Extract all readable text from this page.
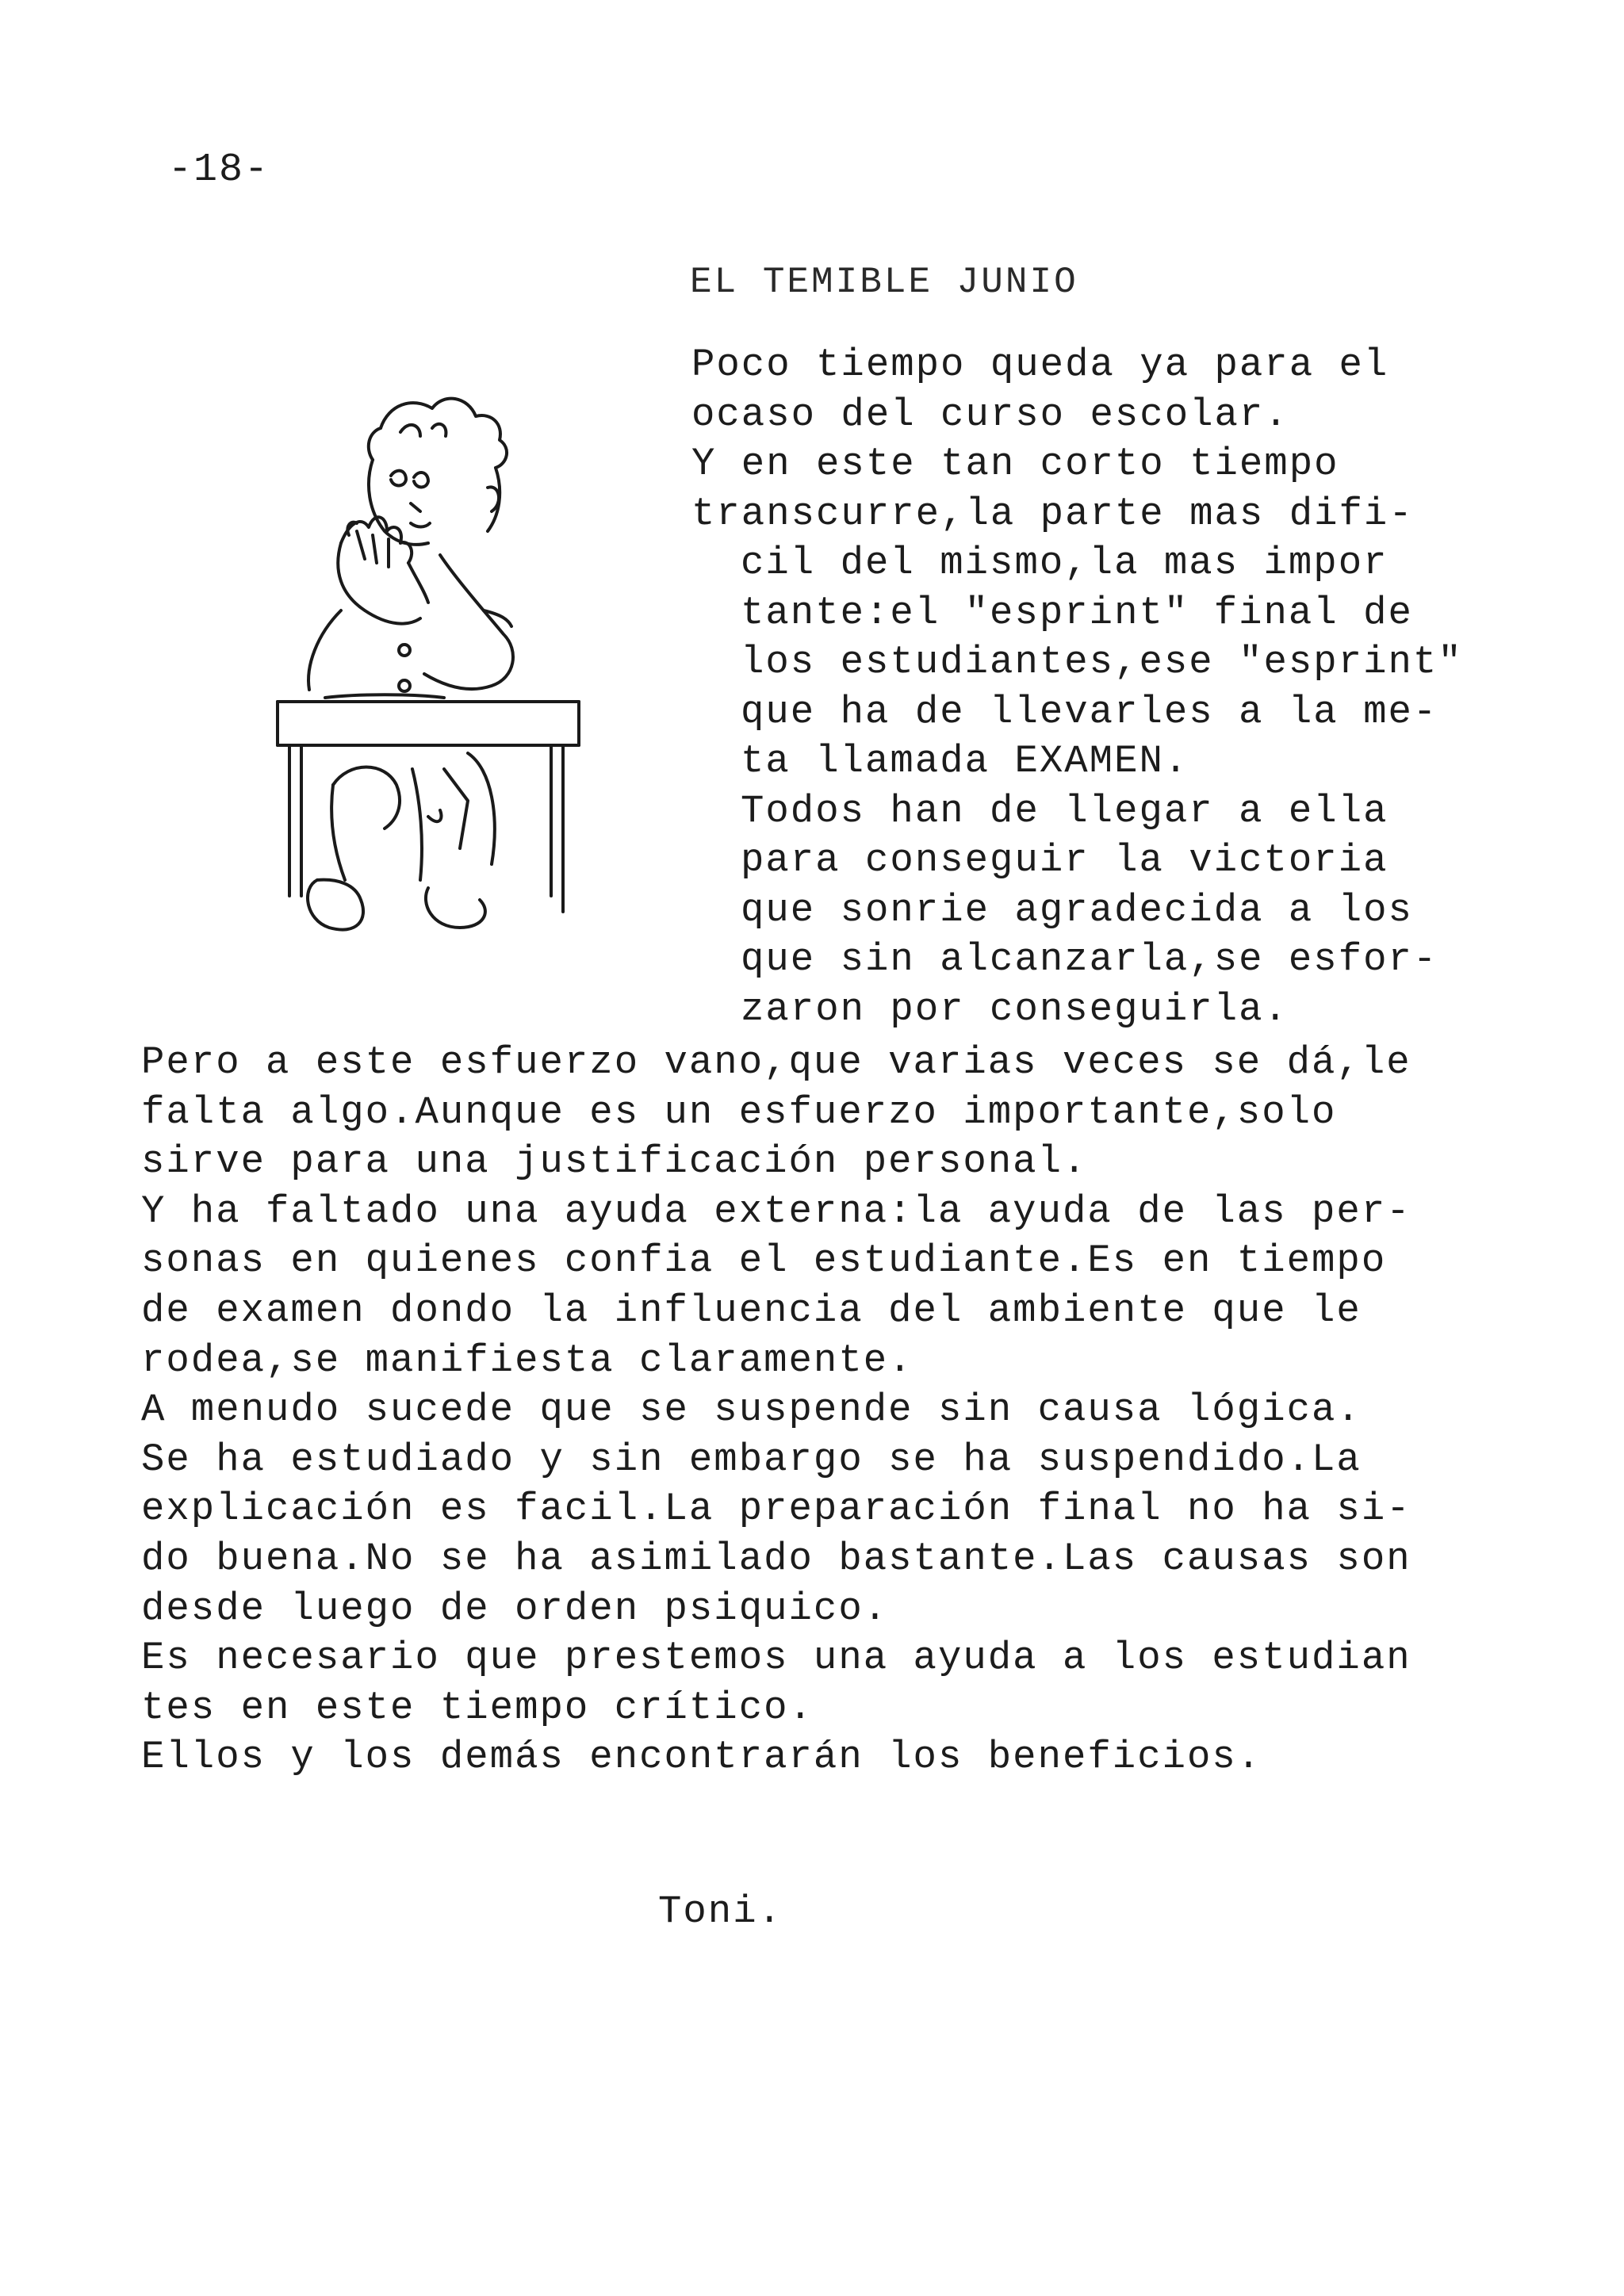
-18-
EL TEMIBLE JUNIO
Poco tiempo queda ya para el
ocaso del curso escolar.
Y en este tan corto tiempo
transcurre,la parte mas difi-
cil del mismo,la mas impor
tante:el "esprint" final de
los estudiantes,ese "esprint"
que ha de llevarles a la me-
ta llamada EXAMEN.
Todos han de llegar a ella
para conseguir la victoria
que sonrie agradecida a los
que sin alcanzarla,se esfor-
zaron por conseguirla.
Pero a este esfuerzo vano,que varias veces se dá,le
falta algo.Aunque es un esfuerzo importante,solo
sirve para una justificación personal.
Y ha faltado una ayuda externa:la ayuda de las per-
sonas en quienes confia el estudiante.Es en tiempo
de examen dondo la influencia del ambiente que le
rodea,se manifiesta claramente.
A menudo sucede que se suspende sin causa lógica.
Se ha estudiado y sin embargo se ha suspendido.La
explicación es facil.La preparación final no ha si-
do buena.No se ha asimilado bastante.Las causas son
desde luego de orden psiquico.
Es necesario que prestemos una ayuda a los estudian
tes en este tiempo crítico.
Ellos y los demás encontrarán los beneficios.
Toni.
